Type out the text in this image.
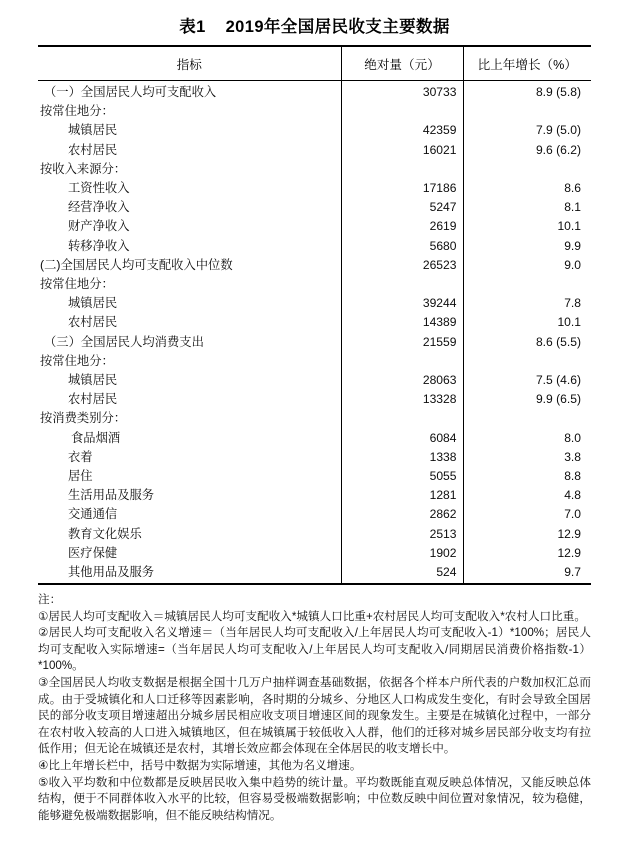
表1    2019年全国居民收支主要数据
指标	绝对量（元）	比上年增长（%）
（一）全国居民人均可支配收入	30733	8.9 (5.8)
按常住地分：		
城镇居民	42359	7.9 (5.0)
农村居民	16021	9.6 (6.2)
按收入来源分：		
工资性收入	17186	8.6
经营净收入	5247	8.1
财产净收入	2619	10.1
转移净收入	5680	9.9
(二)全国居民人均可支配收入中位数	26523	9.0
按常住地分：		
城镇居民	39244	7.8
农村居民	14389	10.1
（三）全国居民人均消费支出	21559	8.6 (5.5)
按常住地分：		
城镇居民	28063	7.5 (4.6)
农村居民	13328	9.9 (6.5)
按消费类别分：		
食品烟酒	6084	8.0
衣着	1338	3.8
居住	5055	8.8
生活用品及服务	1281	4.8
交通通信	2862	7.0
教育文化娱乐	2513	12.9
医疗保健	1902	12.9
其他用品及服务	524	9.7
注：
①居民人均可支配收入＝城镇居民人均可支配收入*城镇人口比重+农村居民人均可支配收入*农村人口比重。
②居民人均可支配收入名义增速＝（当年居民人均可支配收入/上年居民人均可支配收入-1）*100%；居民人均可支配收入实际增速=（当年居民人均可支配收入/上年居民人均可支配收入/同期居民消费价格指数-1）*100%。
③全国居民人均收支数据是根据全国十几万户抽样调查基础数据，依据各个样本户所代表的户数加权汇总而成。由于受城镇化和人口迁移等因素影响，各时期的分城乡、分地区人口构成发生变化，有时会导致全国居民的部分收支项目增速超出分城乡居民相应收支项目增速区间的现象发生。主要是在城镇化过程中，一部分在农村收入较高的人口进入城镇地区，但在城镇属于较低收入人群，他们的迁移对城乡居民部分收支均有拉低作用；但无论在城镇还是农村，其增长效应都会体现在全体居民的收支增长中。
④比上年增长栏中，括号中数据为实际增速，其他为名义增速。
⑤收入平均数和中位数都是反映居民收入集中趋势的统计量。平均数既能直观反映总体情况，又能反映总体结构，便于不同群体收入水平的比较，但容易受极端数据影响；中位数反映中间位置对象情况，较为稳健，能够避免极端数据影响，但不能反映结构情况。
